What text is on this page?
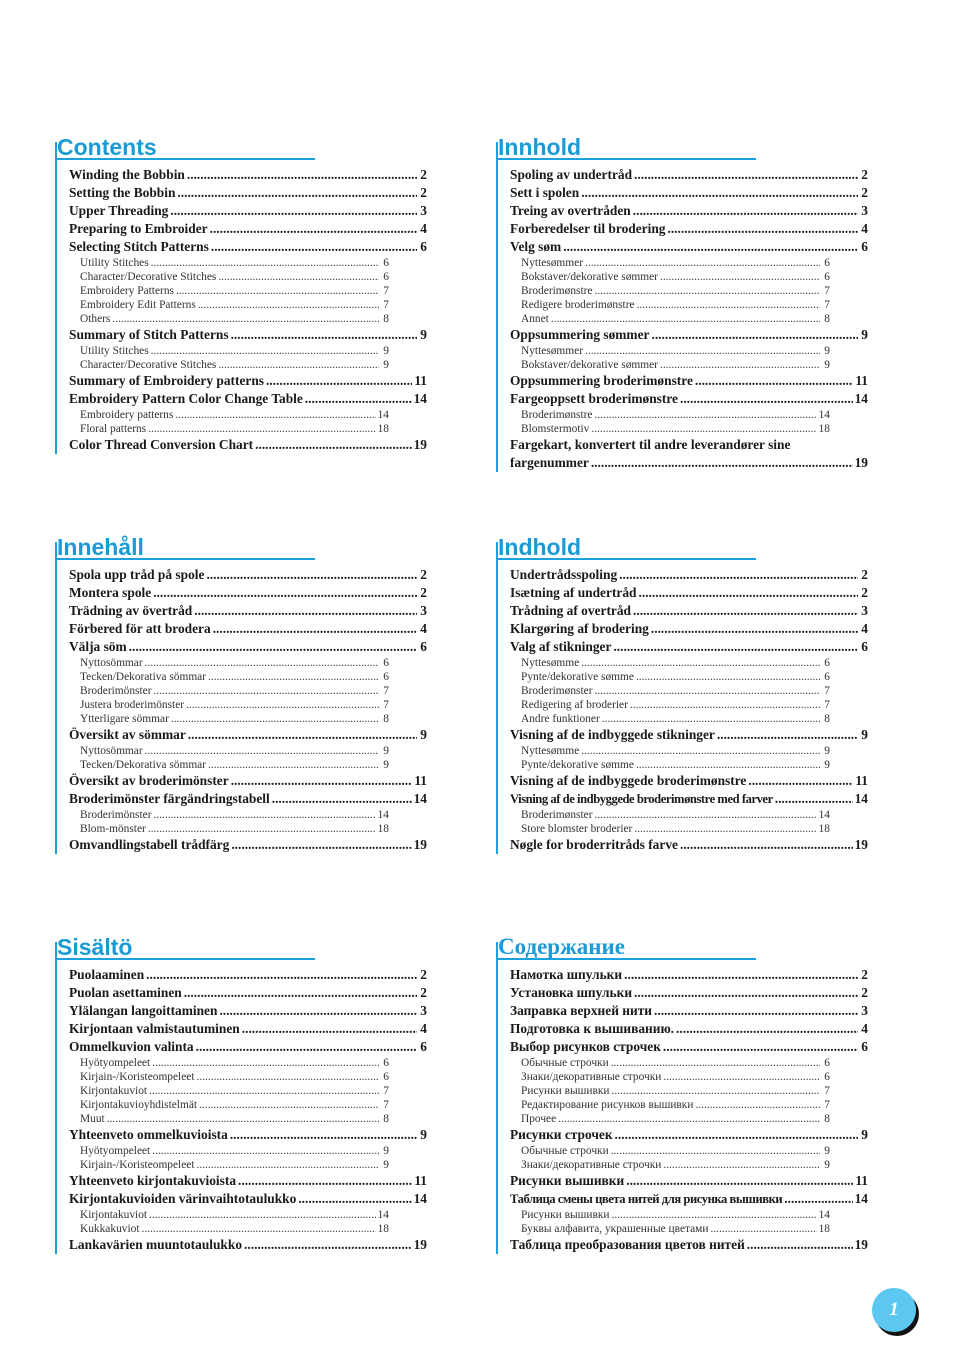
Contents
Winding the Bobbin .....	2
Setting the Bobbin .....	2
Upper Threading .....	3
Preparing to Embroider .....	4
Selecting Stitch Patterns .....	6
Utility Stitches .....	6
Character/Decorative Stitches .....	6
Embroidery Patterns .....	7
Embroidery Edit Patterns .....	7
Others .....	8
Summary of Stitch Patterns .....	9
Utility Stitches .....	9
Character/Decorative Stitches .....	9
Summary of Embroidery patterns .....	11
Embroidery Pattern Color Change Table .....	14
Embroidery patterns .....	14
Floral patterns .....	18
Color Thread Conversion Chart .....	19
Innhold
Spoling av undertråd .....	2
Sett i spolen .....	2
Treing av overtråden .....	3
Forberedelser til brodering .....	4
Velg søm .....	6
Nyttesømmer .....	6
Bokstaver/dekorative sømmer .....	6
Broderimønstre .....	7
Redigere broderimønstre .....	7
Annet .....	8
Oppsummering sømmer .....	9
Nyttesømmer .....	9
Bokstaver/dekorative sømmer .....	9
Oppsummering broderimønstre .....	11
Fargeoppsett broderimønstre .....	14
Broderimønstre .....	14
Blomstermotiv .....	18
Fargekart, konvertert til andre leverandører sine
fargenummer .....	19
Innehåll
Spola upp tråd på spole .....	2
Montera spole .....	2
Trädning av övertråd .....	3
Förbered för att brodera .....	4
Välja söm .....	6
Nyttosömmar .....	6
Tecken/Dekorativa sömmar .....	6
Broderimönster .....	7
Justera broderimönster .....	7
Ytterligare sömmar .....	8
Översikt av sömmar .....	9
Nyttosömmar .....	9
Tecken/Dekorativa sömmar .....	9
Översikt av broderimönster .....	11
Broderimönster färgändringstabell .....	14
Broderimönster .....	14
Blom-mönster .....	18
Omvandlingstabell trådfärg .....	19
Indhold
Undertrådsspoling .....	2
Isætning af undertråd .....	2
Trådning af overtråd .....	3
Klargøring af brodering .....	4
Valg af stikninger .....	6
Nyttesømme .....	6
Pynte/dekorative sømme .....	6
Broderimønster .....	7
Redigering af broderier .....	7
Andre funktioner .....	8
Visning af de indbyggede stikninger .....	9
Nyttesømme .....	9
Pynte/dekorative sømme .....	9
Visning af de indbyggede broderimønstre .....	11
Visning af de indbyggede broderimønstre med farver .....	14
Broderimønster .....	14
Store blomster broderier .....	18
Nøgle for broderritråds farve .....	19
Sisältö
Puolaaminen .....	2
Puolan asettaminen .....	2
Ylälangan langoittaminen .....	3
Kirjontaan valmistautuminen .....	4
Ommelkuvion valinta .....	6
Hyötyompeleet .....	6
Kirjain-/Koristeompeleet .....	6
Kirjontakuviot .....	7
Kirjontakuvioyhdistelmät .....	7
Muut .....	8
Yhteenveto ommelkuvioista .....	9
Hyötyompeleet .....	9
Kirjain-/Koristeompeleet .....	9
Yhteenveto kirjontakuvioista .....	11
Kirjontakuvioiden värinvaihtotaulukko .....	14
Kirjontakuviot .....	14
Kukkakuviot .....	18
Lankavärien muuntotaulukko .....	19
Содержание
Намотка шпульки .....	2
Установка шпульки .....	2
Заправка верхней нити .....	3
Подготовка к вышиванию. .....	4
Выбор рисунков строчек .....	6
Обычные строчки .....	6
Знаки/декоративные строчки .....	6
Рисунки вышивки .....	7
Редактирование рисунков вышивки .....	7
Прочее .....	8
Рисунки строчек .....	9
Обычные строчки .....	9
Знаки/декоративные строчки .....	9
Рисунки вышивки .....	11
Таблица смены цвета нитей для рисунка вышивки .....	14
Рисунки вышивки .....	14
Буквы алфавита, украшенные цветами .....	18
Таблица преобразования цветов нитей .....	19
1
